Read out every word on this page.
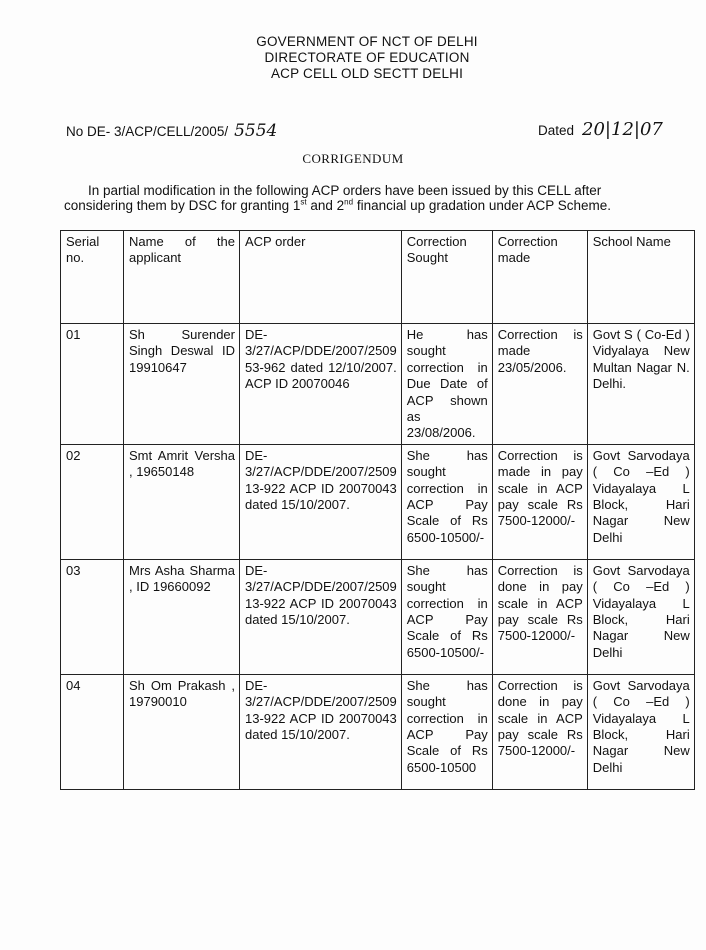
GOVERNMENT OF NCT OF DELHI
DIRECTORATE OF EDUCATION
ACP CELL OLD SECTT DELHI
No DE- 3/ACP/CELL/2005/ 5554	Dated 20|12|07
CORRIGENDUM
In partial modification in the following ACP orders have been issued by this CELL after considering them by DSC for granting 1st and 2nd financial up gradation under ACP Scheme.
Serial no.	Name of the applicant	ACP order	Correction Sought	Correction made	School Name
01	Sh Surender Singh Deswal ID 19910647	DE-3/27/ACP/DDE/2007/2509 53-962 dated 12/10/2007. ACP ID 20070046	He has sought correction in Due Date of ACP shown as 23/08/2006.	Correction is made 23/05/2006.	Govt S ( Co-Ed ) Vidyalaya New Multan Nagar N. Delhi.
02	Smt Amrit Versha , 19650148	DE-3/27/ACP/DDE/2007/2509 13-922 ACP ID 20070043 dated 15/10/2007.	She has sought correction in ACP Pay Scale of Rs 6500-10500/-	Correction is made in pay scale in ACP pay scale Rs 7500-12000/-	Govt Sarvodaya ( Co –Ed ) Vidayalaya L Block, Hari Nagar New Delhi
03	Mrs Asha Sharma , ID 19660092	DE-3/27/ACP/DDE/2007/2509 13-922 ACP ID 20070043 dated 15/10/2007.	She has sought correction in ACP Pay Scale of Rs 6500-10500/-	Correction is done in pay scale in ACP pay scale Rs 7500-12000/-	Govt Sarvodaya ( Co –Ed ) Vidayalaya L Block, Hari Nagar New Delhi
04	Sh Om Prakash , 19790010	DE-3/27/ACP/DDE/2007/2509 13-922 ACP ID 20070043 dated 15/10/2007.	She has sought correction in ACP Pay Scale of Rs 6500-10500	Correction is done in pay scale in ACP pay scale Rs 7500-12000/-	Govt Sarvodaya ( Co –Ed ) Vidayalaya L Block, Hari Nagar New Delhi
